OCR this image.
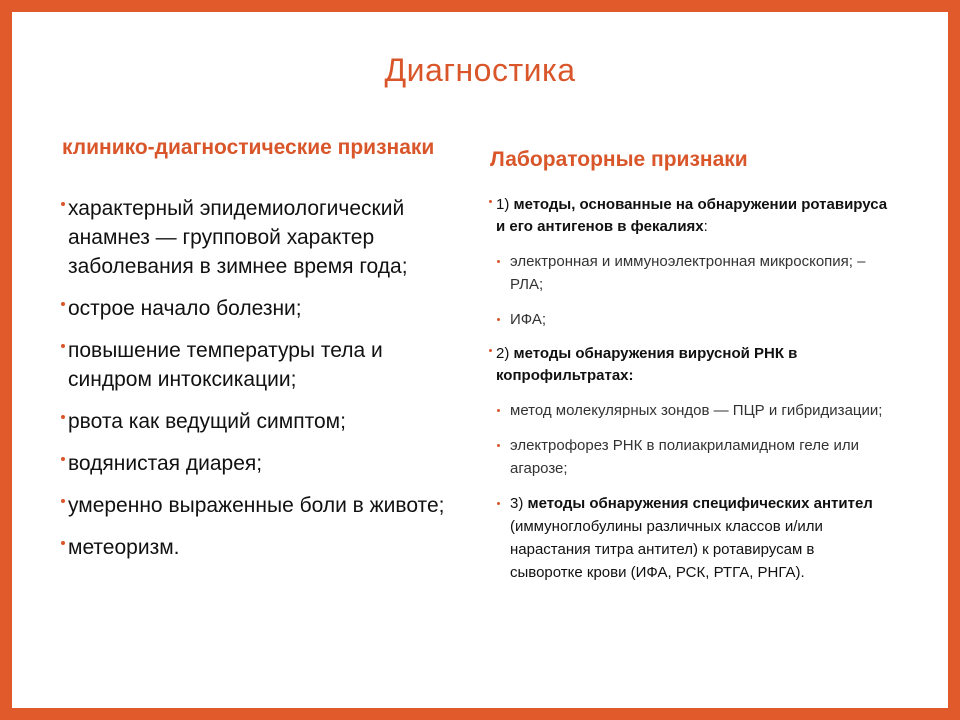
Диагностика
клинико-диагностические признаки
характерный эпидемиологический анамнез — групповой характер заболевания в зимнее время года;
острое начало болезни;
повышение температуры тела и синдром интоксикации;
рвота как ведущий симптом;
водянистая диарея;
умеренно выраженные боли в животе;
метеоризм.
Лабораторные признаки
1) методы, основанные на обнаружении ротавируса и его антигенов в фекалиях:
электронная и иммуноэлектронная микроскопия; – РЛА;
ИФА;
2) методы обнаружения вирусной РНК в копрофильтратах:
метод молекулярных зондов — ПЦР и гибридизации;
электрофорез РНК в полиакриламидном геле или агарозе;
3) методы обнаружения специфических антител (иммуноглобулины различных классов и/или нарастания титра антител) к ротавирусам в сыворотке крови (ИФА, РСК, РТГА, РНГА).
